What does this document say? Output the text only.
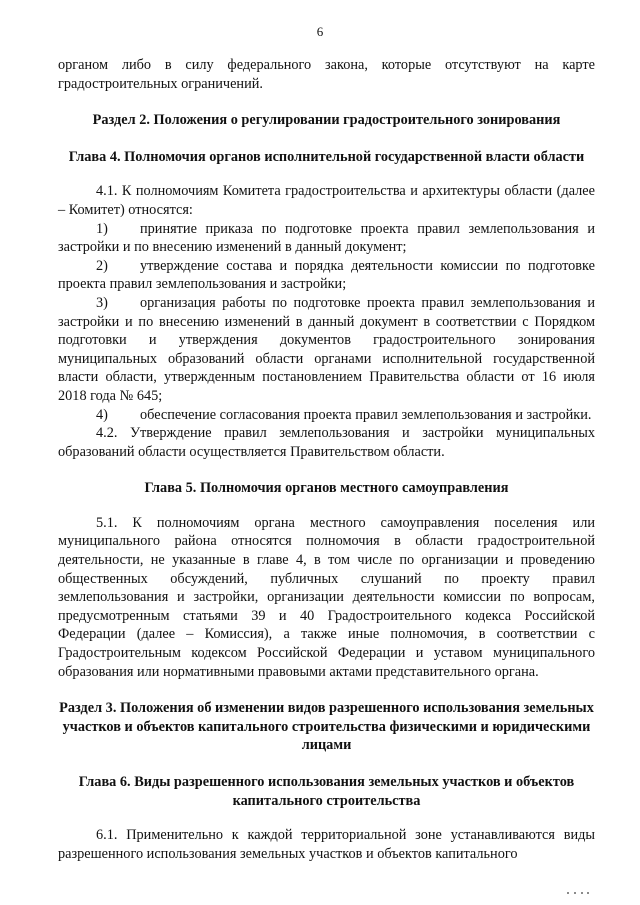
6

органом либо в силу федерального закона, которые отсутствуют на карте градостроительных ограничений.

Раздел 2. Положения о регулировании градостроительного зонирования

Глава 4. Полномочия органов исполнительной государственной власти области

4.1. К полномочиям Комитета градостроительства и архитектуры области (далее – Комитет) относятся:

1) принятие приказа по подготовке проекта правил землепользования и застройки и по внесению изменений в данный документ;

2) утверждение состава и порядка деятельности комиссии по подготовке проекта правил землепользования и застройки;

3) организация работы по подготовке проекта правил землепользования и застройки и по внесению изменений в данный документ в соответствии с Порядком подготовки и утверждения документов градостроительного зонирования муниципальных образований области органами исполнительной государственной власти области, утвержденным постановлением Правительства области от 16 июля 2018 года № 645;

4) обеспечение согласования проекта правил землепользования и застройки.

4.2. Утверждение правил землепользования и застройки муниципальных образований области осуществляется Правительством области.

Глава 5. Полномочия органов местного самоуправления

5.1. К полномочиям органа местного самоуправления поселения или муниципального района относятся полномочия в области градостроительной деятельности, не указанные в главе 4, в том числе по организации и проведению общественных обсуждений, публичных слушаний по проекту правил землепользования и застройки, организации деятельности комиссии по вопросам, предусмотренным статьями 39 и 40 Градостроительного кодекса Российской Федерации (далее – Комиссия), а также иные полномочия, в соответствии с Градостроительным кодексом Российской Федерации и уставом муниципального образования или нормативными правовыми актами представительного органа.

Раздел 3. Положения об изменении видов разрешенного использования земельных участков и объектов капитального строительства физическими и юридическими лицами

Глава 6. Виды разрешенного использования земельных участков и объектов капитального строительства

6.1. Применительно к каждой территориальной зоне устанавливаются виды разрешенного использования земельных участков и объектов капитального
